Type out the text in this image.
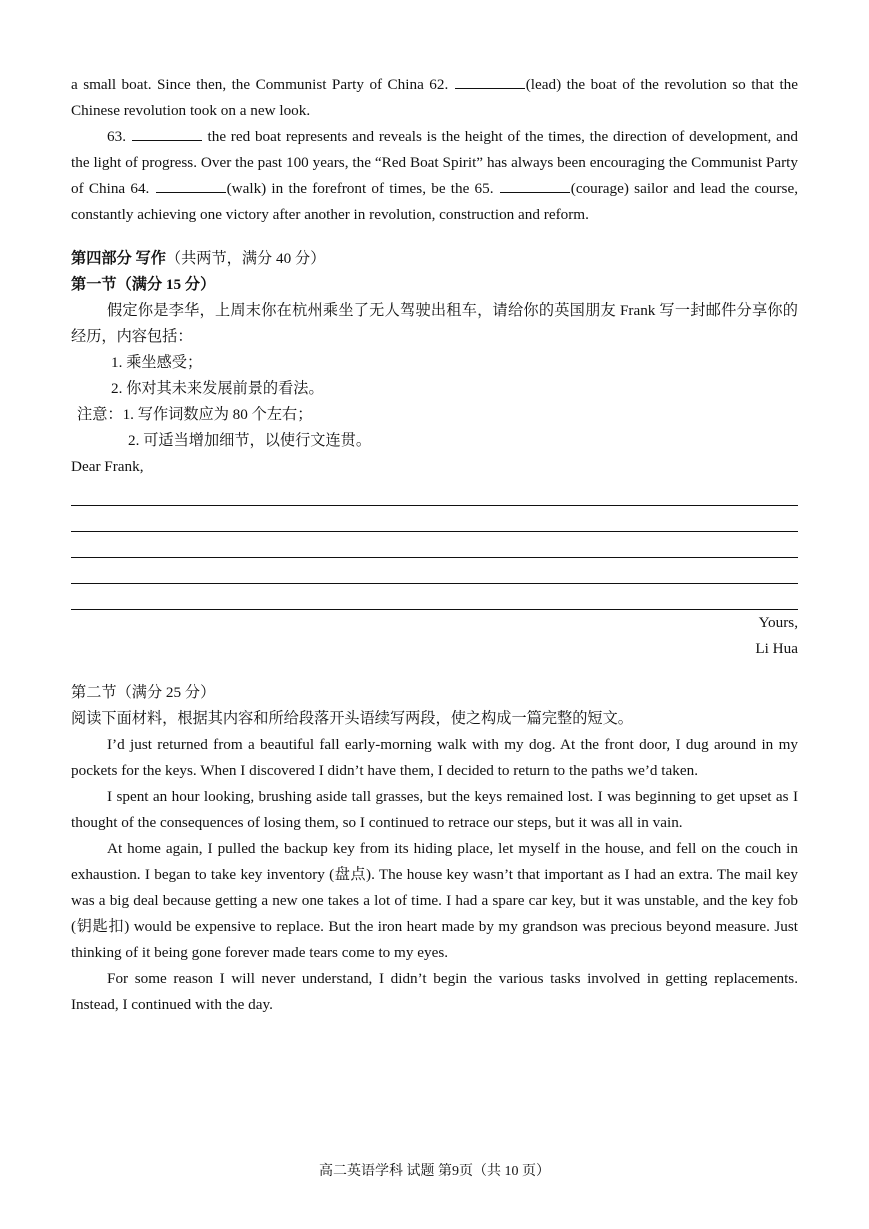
a small boat. Since then, the Communist Party of China 62.	(lead) the boat of the revolution so that the Chinese revolution took on a new look.

63.	the red boat represents and reveals is the height of the times, the direction of development, and the light of progress. Over the past 100 years, the “Red Boat Spirit” has always been encouraging the Communist Party of China 64.	(walk) in the forefront of times, be the 65.	(courage) sailor and lead the course, constantly achieving one victory after another in revolution, construction and reform.

第四部分 写作（共两节，满分 40 分）

第一节（满分 15 分）

假定你是李华，上周末你在杭州乘坐了无人驾驶出租车，请给你的英国朋友 Frank 写一封邮件分享你的经历，内容包括：

1. 乘坐感受；

2. 你对其未来发展前景的看法。

注意：1. 写作词数应为 80 个左右；

2. 可适当增加细节，以使行文连贯。

Dear Frank,

Yours,

Li Hua

第二节（满分 25 分）

阅读下面材料，根据其内容和所给段落开头语续写两段，使之构成一篇完整的短文。

I’d just returned from a beautiful fall early-morning walk with my dog. At the front door, I dug around in my pockets for the keys. When I discovered I didn’t have them, I decided to return to the paths we’d taken.

I spent an hour looking, brushing aside tall grasses, but the keys remained lost. I was beginning to get upset as I thought of the consequences of losing them, so I continued to retrace our steps, but it was all in vain.

At home again, I pulled the backup key from its hiding place, let myself in the house, and fell on the couch in exhaustion. I began to take key inventory (盘点). The house key wasn’t that important as I had an extra. The mail key was a big deal because getting a new one takes a lot of time. I had a spare car key, but it was unstable, and the key fob (钥匙扣) would be expensive to replace. But the iron heart made by my grandson was precious beyond measure. Just thinking of it being gone forever made tears come to my eyes.

For some reason I will never understand, I didn’t begin the various tasks involved in getting replacements. Instead, I continued with the day.

高二英语学科 试题 第9页（共 10 页）
